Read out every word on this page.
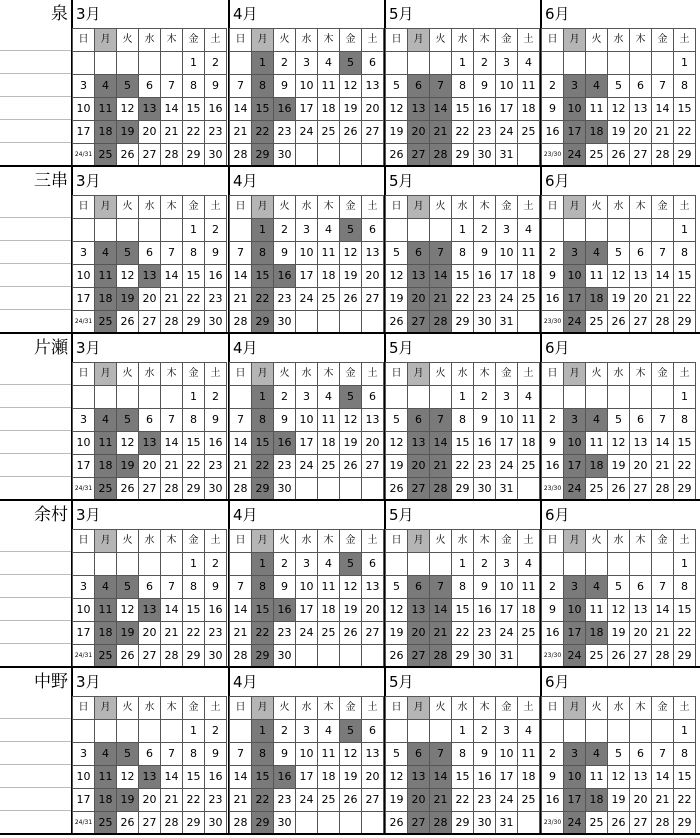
泉 3月
日	月	火	水	木	金	土
					1	2
3	4	5	6	7	8	9
10	11	12	13	14	15	16
17	18	19	20	21	22	23
24/31	25	26	27	28	29	30
4月
日	月	火	水	木	金	土
	1	2	3	4	5	6
7	8	9	10	11	12	13
14	15	16	17	18	19	20
21	22	23	24	25	26	27
28	29	30				
5月
日	月	火	水	木	金	土
			1	2	3	4
5	6	7	8	9	10	11
12	13	14	15	16	17	18
19	20	21	22	23	24	25
26	27	28	29	30	31	
6月
日	月	火	水	木	金	土
						1
2	3	4	5	6	7	8
9	10	11	12	13	14	15
16	17	18	19	20	21	22
23/30	24	25	26	27	28	29
三串 3月
日	月	火	水	木	金	土
					1	2
3	4	5	6	7	8	9
10	11	12	13	14	15	16
17	18	19	20	21	22	23
24/31	25	26	27	28	29	30
4月
日	月	火	水	木	金	土
	1	2	3	4	5	6
7	8	9	10	11	12	13
14	15	16	17	18	19	20
21	22	23	24	25	26	27
28	29	30				
5月
日	月	火	水	木	金	土
			1	2	3	4
5	6	7	8	9	10	11
12	13	14	15	16	17	18
19	20	21	22	23	24	25
26	27	28	29	30	31	
6月
日	月	火	水	木	金	土
						1
2	3	4	5	6	7	8
9	10	11	12	13	14	15
16	17	18	19	20	21	22
23/30	24	25	26	27	28	29
片瀬 3月
日	月	火	水	木	金	土
					1	2
3	4	5	6	7	8	9
10	11	12	13	14	15	16
17	18	19	20	21	22	23
24/31	25	26	27	28	29	30
4月
日	月	火	水	木	金	土
	1	2	3	4	5	6
7	8	9	10	11	12	13
14	15	16	17	18	19	20
21	22	23	24	25	26	27
28	29	30				
5月
日	月	火	水	木	金	土
			1	2	3	4
5	6	7	8	9	10	11
12	13	14	15	16	17	18
19	20	21	22	23	24	25
26	27	28	29	30	31	
6月
日	月	火	水	木	金	土
						1
2	3	4	5	6	7	8
9	10	11	12	13	14	15
16	17	18	19	20	21	22
23/30	24	25	26	27	28	29
余村 3月
日	月	火	水	木	金	土
					1	2
3	4	5	6	7	8	9
10	11	12	13	14	15	16
17	18	19	20	21	22	23
24/31	25	26	27	28	29	30
4月
日	月	火	水	木	金	土
	1	2	3	4	5	6
7	8	9	10	11	12	13
14	15	16	17	18	19	20
21	22	23	24	25	26	27
28	29	30				
5月
日	月	火	水	木	金	土
			1	2	3	4
5	6	7	8	9	10	11
12	13	14	15	16	17	18
19	20	21	22	23	24	25
26	27	28	29	30	31	
6月
日	月	火	水	木	金	土
						1
2	3	4	5	6	7	8
9	10	11	12	13	14	15
16	17	18	19	20	21	22
23/30	24	25	26	27	28	29
中野 3月
日	月	火	水	木	金	土
					1	2
3	4	5	6	7	8	9
10	11	12	13	14	15	16
17	18	19	20	21	22	23
24/31	25	26	27	28	29	30
4月
日	月	火	水	木	金	土
	1	2	3	4	5	6
7	8	9	10	11	12	13
14	15	16	17	18	19	20
21	22	23	24	25	26	27
28	29	30				
5月
日	月	火	水	木	金	土
			1	2	3	4
5	6	7	8	9	10	11
12	13	14	15	16	17	18
19	20	21	22	23	24	25
26	27	28	29	30	31	
6月
日	月	火	水	木	金	土
						1
2	3	4	5	6	7	8
9	10	11	12	13	14	15
16	17	18	19	20	21	22
23/30	24	25	26	27	28	29
